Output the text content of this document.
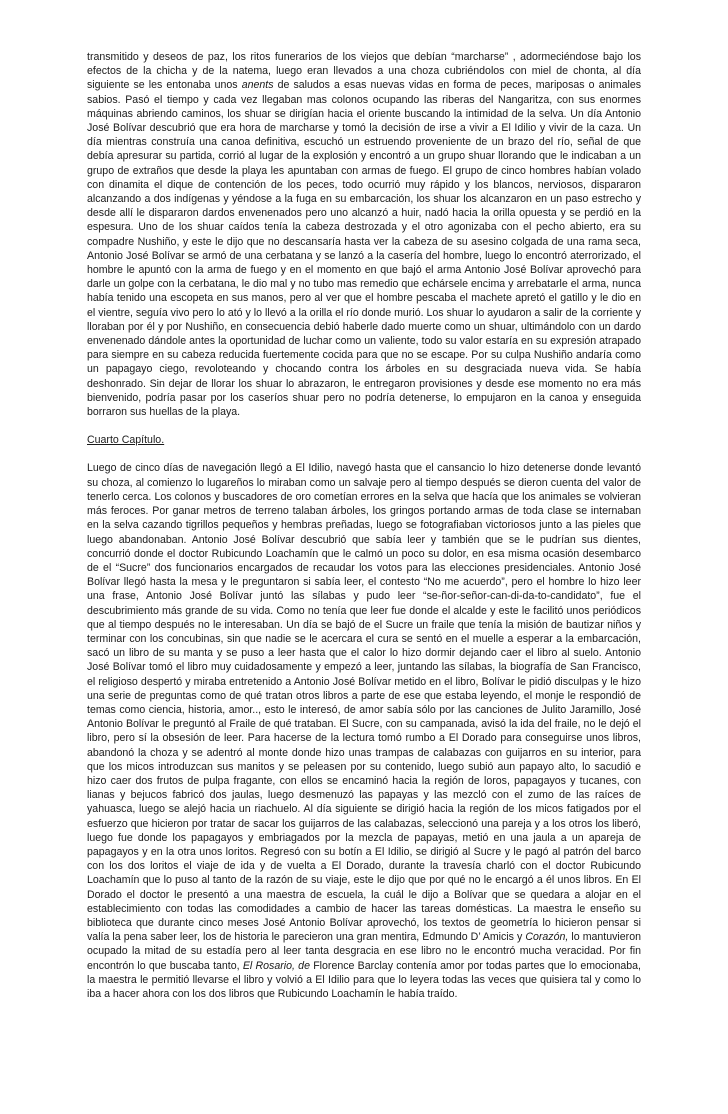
transmitido y deseos de paz, los ritos funerarios de los viejos que debían “marcharse” , adormeciéndose bajo los efectos de la chicha y de la natema, luego eran llevados a una choza cubriéndolos con miel de chonta, al día siguiente se les entonaba unos anents de saludos a esas nuevas vidas en forma de peces, mariposas o animales sabios. Pasó el tiempo y cada vez llegaban mas colonos ocupando las riberas del Nangaritza, con sus enormes máquinas abriendo caminos, los shuar se dirigían hacia el oriente buscando la intimidad de la selva. Un día Antonio José Bolívar descubrió que era hora de marcharse y tomó la decisión de irse a vivir a El Idilio y vivir de la caza. Un día mientras construía una canoa definitiva, escuchó un estruendo proveniente de un brazo del río, señal de que debía apresurar su partida, corrió al lugar de la explosión y encontró a un grupo shuar llorando que le indicaban a un grupo de extraños que desde la playa les apuntaban con armas de fuego. El grupo de cinco hombres habían volado con dinamita el dique de contención de los peces, todo ocurrió muy rápido y los blancos, nerviosos, dispararon alcanzando a dos indígenas y yéndose a la fuga en su embarcación, los shuar los alcanzaron en un paso estrecho y desde allí le dispararon dardos envenenados pero uno alcanzó a huir, nadó hacia la orilla opuesta y se perdió en la espesura. Uno de los shuar caídos tenía la cabeza destrozada y el otro agonizaba con el pecho abierto, era su compadre Nushiño, y este le dijo que no descansaría hasta ver la cabeza de su asesino colgada de una rama seca, Antonio José Bolívar se armó de una cerbatana y se lanzó a la casería del hombre, luego lo encontró aterrorizado, el hombre le apuntó con la arma de fuego y en el momento en que bajó el arma Antonio José Bolívar aprovechó para darle un golpe con la cerbatana, le dio mal y no tubo mas remedio que echársele encima y arrebatarle el arma, nunca había tenido una escopeta en sus manos, pero al ver que el hombre pescaba el machete apretó el gatillo y le dio en el vientre, seguía vivo pero lo ató y lo llevó a la orilla el río donde murió. Los shuar lo ayudaron a salir de la corriente y lloraban por él y por Nushiño, en consecuencia debió haberle dado muerte como un shuar, ultimándolo con un dardo envenenado dándole antes la oportunidad de luchar como un valiente, todo su valor estaría en su expresión atrapado para siempre en su cabeza reducida fuertemente cocida para que no se escape. Por su culpa Nushiño andaría como un papagayo ciego, revoloteando y chocando contra los árboles en su desgraciada nueva vida. Se había deshonrado. Sin dejar de llorar los shuar lo abrazaron, le entregaron provisiones y desde ese momento no era más bienvenido, podría pasar por los caseríos shuar pero no podría detenerse, lo empujaron en la canoa y enseguida borraron sus huellas de la playa.

Cuarto Capítulo.

Luego de cinco días de navegación llegó a El Idilio, navegó hasta que el cansancio lo hizo detenerse donde levantó su choza, al comienzo lo lugareños lo miraban como un salvaje pero al tiempo después se dieron cuenta del valor de tenerlo cerca. Los colonos y buscadores de oro cometían errores en la selva que hacía que los animales se volvieran más feroces. Por ganar metros de terreno talaban árboles, los gringos portando armas de toda clase se internaban en la selva cazando tigrillos pequeños y hembras preñadas, luego se fotografiaban victoriosos junto a las pieles que luego abandonaban. Antonio José Bolívar descubrió que sabía leer y también que se le pudrían sus dientes, concurrió donde el doctor Rubicundo Loachamín que le calmó un poco su dolor, en esa misma ocasión desembarco de el “Sucre” dos funcionarios encargados de recaudar los votos para las elecciones presidenciales. Antonio José Bolívar llegó hasta la mesa y le preguntaron si sabía leer, el contesto “No me acuerdo”, pero el hombre lo hizo leer una frase, Antonio José Bolívar juntó las sílabas y pudo leer “se-ñor-señor-can-di-da-to-candidato”, fue el descubrimiento más grande de su vida. Como no tenía que leer fue donde el alcalde y este le facilitó unos periódicos que al tiempo después no le interesaban. Un día se bajó de el Sucre un fraile que tenía la misión de bautizar niños y terminar con los concubinas, sin que nadie se le acercara el cura se sentó en el muelle a esperar a la embarcación, sacó un libro de su manta y se puso a leer hasta que el calor lo hizo dormir dejando caer el libro al suelo. Antonio José Bolívar tomó el libro muy cuidadosamente y empezó a leer, juntando las sílabas, la biografía de San Francisco, el religioso despertó y miraba entretenido a Antonio José Bolívar metido en el libro, Bolívar le pidió disculpas y le hizo una serie de preguntas como de qué tratan otros libros a parte de ese que estaba leyendo, el monje le respondió de temas como ciencia, historia, amor.., esto le interesó, de amor sabía sólo por las canciones de Julito Jaramillo, José Antonio Bolívar le preguntó al Fraile de qué trataban. El Sucre, con su campanada, avisó la ida del fraile, no le dejó el libro, pero sí la obsesión de leer. Para hacerse de la lectura tomó rumbo a El Dorado para conseguirse unos libros, abandonó la choza y se adentró al monte donde hizo unas trampas de calabazas con guijarros en su interior, para que los micos introduzcan sus manitos y se peleasen por su contenido, luego subió aun papayo alto, lo sacudió e hizo caer dos frutos de pulpa fragante, con ellos se encaminó hacia la región de loros, papagayos y tucanes, con lianas y bejucos fabricó dos jaulas, luego desmenuzó las papayas y las mezcló con el zumo de las raíces de yahuasca, luego se alejó hacia un riachuelo. Al día siguiente se dirigió hacia la región de los micos fatigados por el esfuerzo que hicieron por tratar de sacar los guijarros de las calabazas, seleccionó una pareja y a los otros los liberó, luego fue donde los papagayos y embriagados por la mezcla de papayas, metió en una jaula a un apareja de papagayos y en la otra unos loritos. Regresó con su botín a El Idilio, se dirigió al Sucre y le pagó al patrón del barco con los dos loritos el viaje de ida y de vuelta a El Dorado, durante la travesía charló con el doctor Rubicundo Loachamín que lo puso al tanto de la razón de su viaje, este le dijo que por qué no le encargó a él unos libros. En El Dorado el doctor le presentó a una maestra de escuela, la cuál le dijo a Bolívar que se quedara a alojar en el establecimiento con todas las comodidades a cambio de hacer las tareas domésticas. La maestra le enseño su biblioteca que durante cinco meses José Antonio Bolívar aprovechó, los textos de geometría lo hicieron pensar si valía la pena saber leer, los de historia le parecieron una gran mentira, Edmundo D’ Amicis y Corazón, lo mantuvieron ocupado la mitad de su estadía pero al leer tanta desgracia en ese libro no le encontró mucha veracidad. Por fin encontrón lo que buscaba tanto, El Rosario, de Florence Barclay contenía amor por todas partes que lo emocionaba, la maestra le permitió llevarse el libro y volvió a El Idilio para que lo leyera todas las veces que quisiera tal y como lo iba a hacer ahora con los dos libros que Rubicundo Loachamín le había traído.
